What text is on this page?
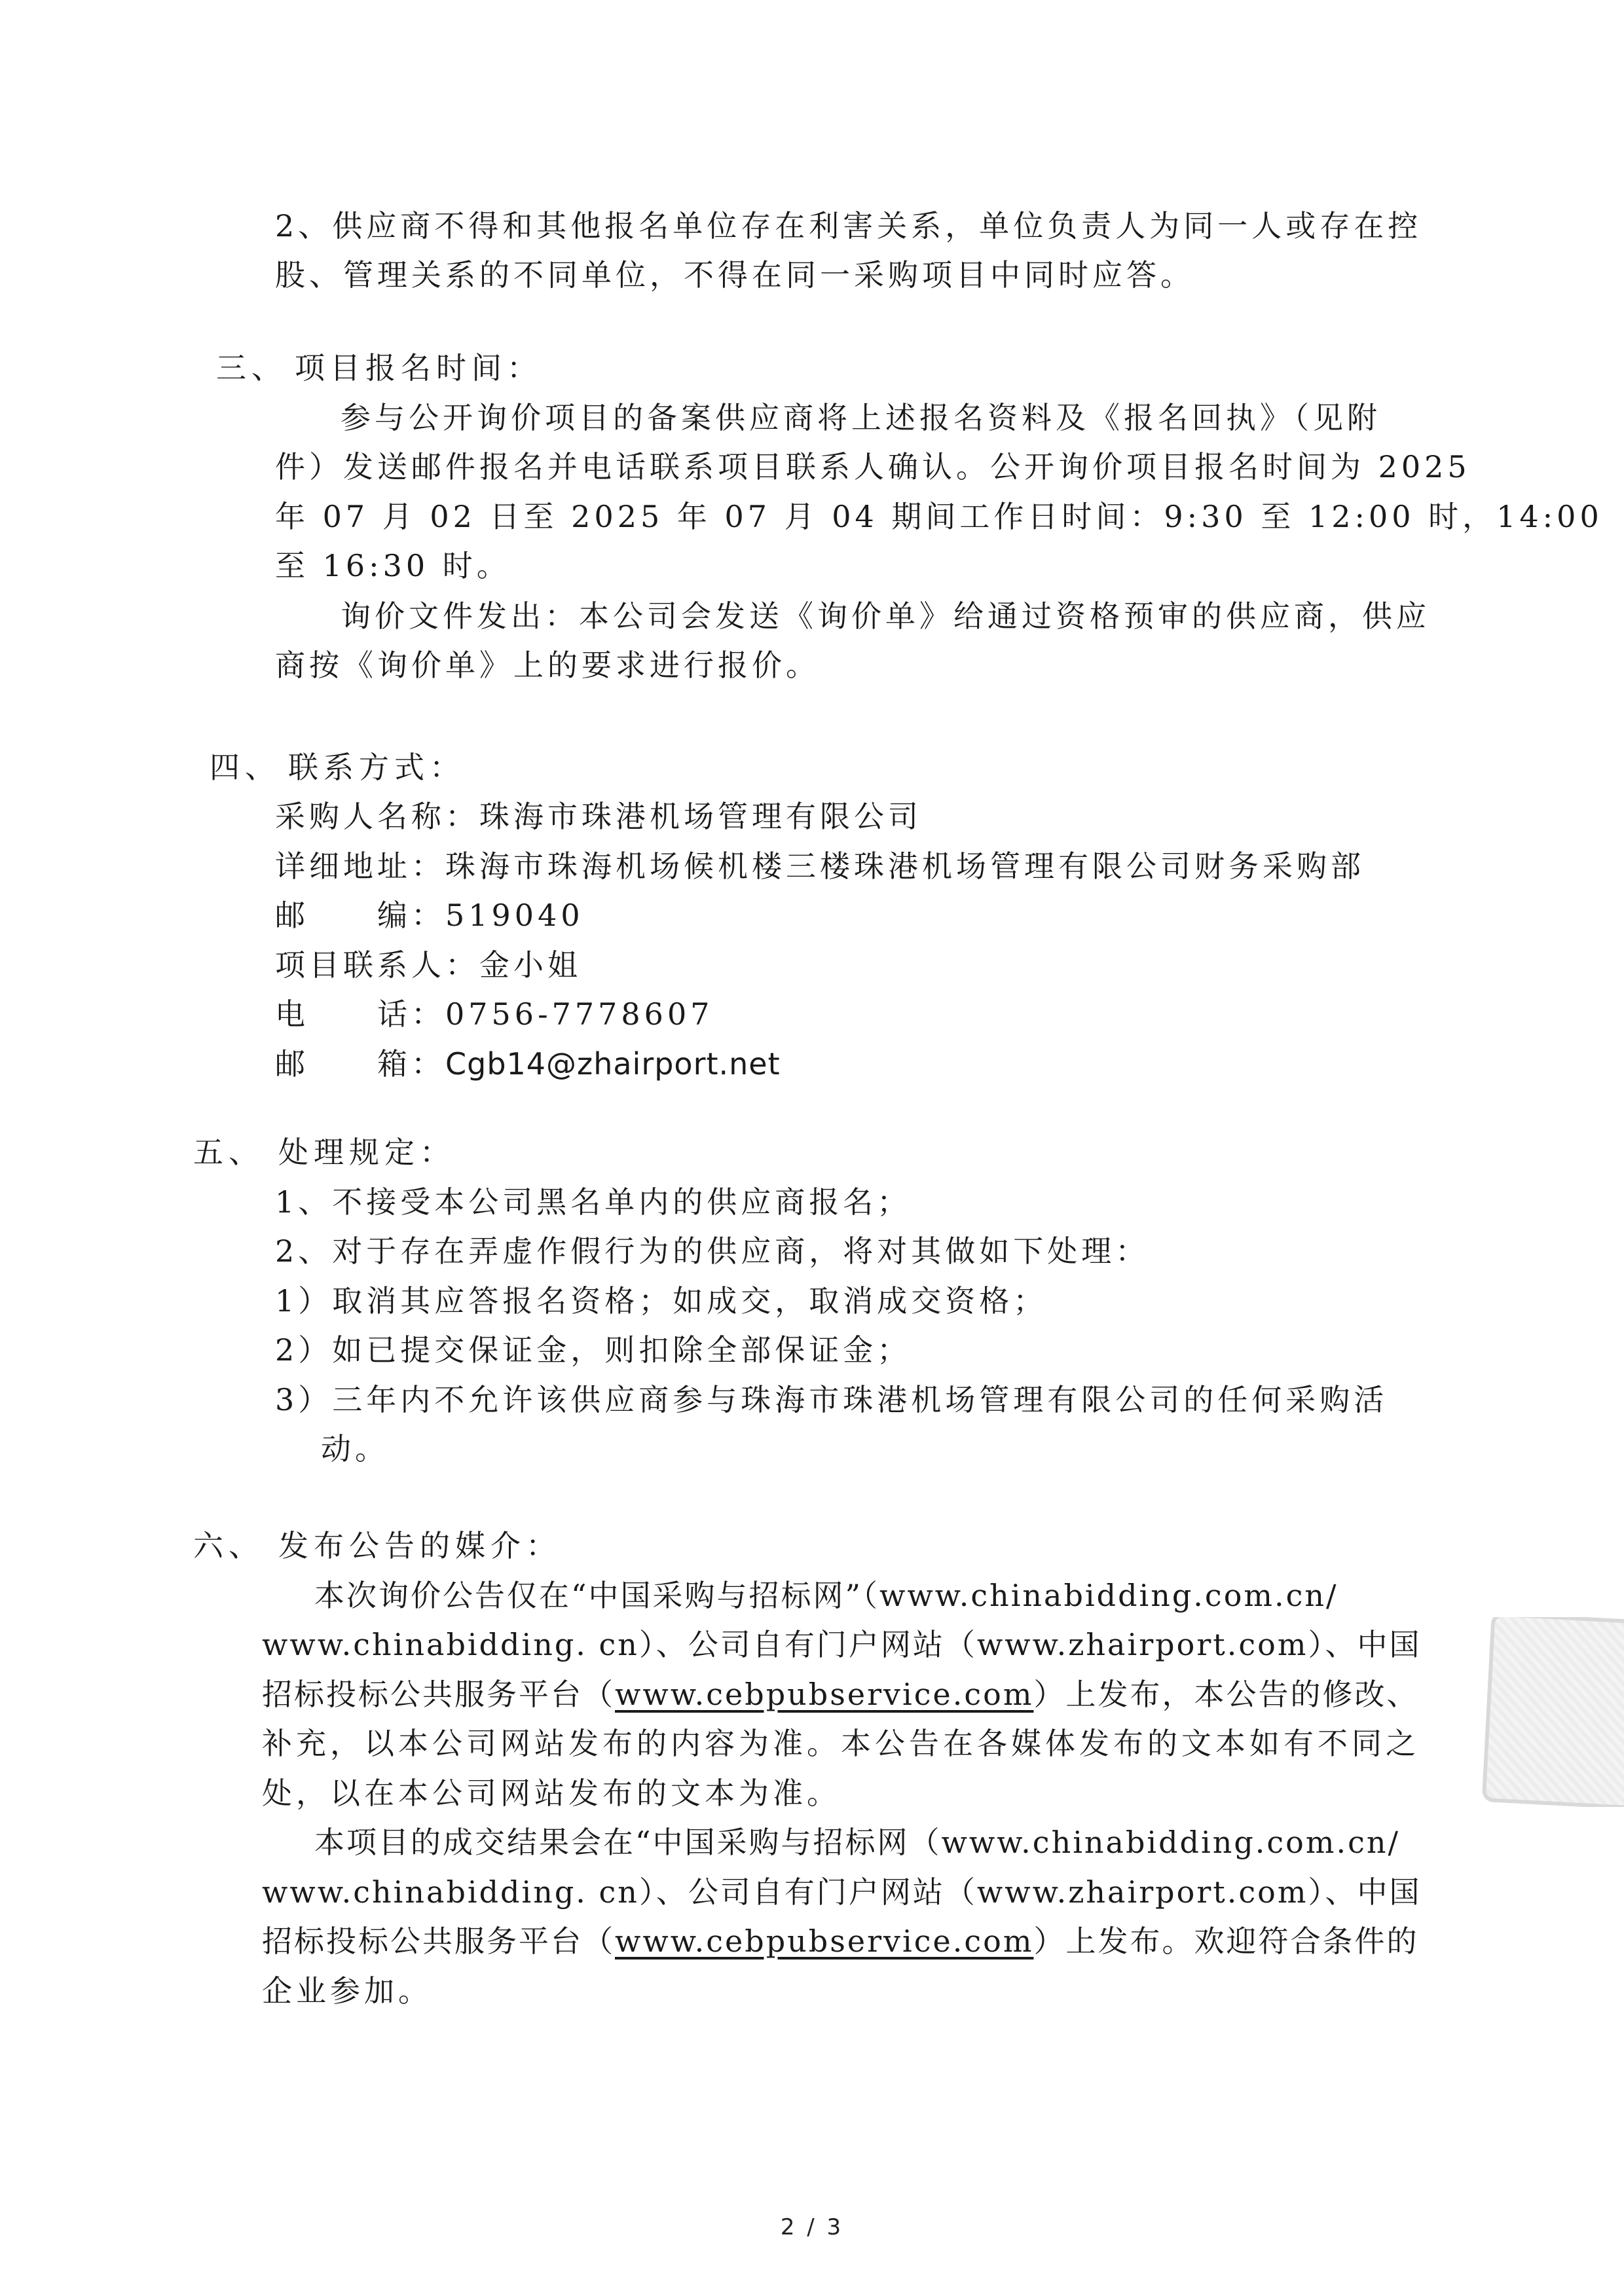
2、供应商不得和其他报名单位存在利害关系，单位负责人为同一人或存在控
股、管理关系的不同单位，不得在同一采购项目中同时应答。
三、 项目报名时间：
参与公开询价项目的备案供应商将上述报名资料及《报名回执》（见附
件）发送邮件报名并电话联系项目联系人确认。公开询价项目报名时间为 2025
年 07 月 02 日至 2025 年 07 月 04 期间工作日时间：9:30 至 12:00 时，14:00
至 16:30 时。
询价文件发出：本公司会发送《询价单》给通过资格预审的供应商，供应
商按《询价单》上的要求进行报价。
四、 联系方式：
采购人名称：珠海市珠港机场管理有限公司
详细地址：珠海市珠海机场候机楼三楼珠港机场管理有限公司财务采购部
邮　　编：519040
项目联系人：金小姐
电　　话：0756-7778607
邮　　箱：Cgb14@zhairport.net
五、 处理规定：
1、不接受本公司黑名单内的供应商报名；
2、对于存在弄虚作假行为的供应商，将对其做如下处理：
1）取消其应答报名资格；如成交，取消成交资格；
2）如已提交保证金，则扣除全部保证金；
3）三年内不允许该供应商参与珠海市珠港机场管理有限公司的任何采购活
动。
六、 发布公告的媒介：
本次询价公告仅在“中国采购与招标网”（www.chinabidding.com.cn/
www.chinabidding. cn）、公司自有门户网站（www.zhairport.com）、中国
招标投标公共服务平台（www.cebpubservice.com）上发布，本公告的修改、
补充，以本公司网站发布的内容为准。本公告在各媒体发布的文本如有不同之
处，以在本公司网站发布的文本为准。
本项目的成交结果会在“中国采购与招标网（www.chinabidding.com.cn/
www.chinabidding. cn）、公司自有门户网站（www.zhairport.com）、中国
招标投标公共服务平台（www.cebpubservice.com）上发布。欢迎符合条件的
企业参加。
2 / 3
